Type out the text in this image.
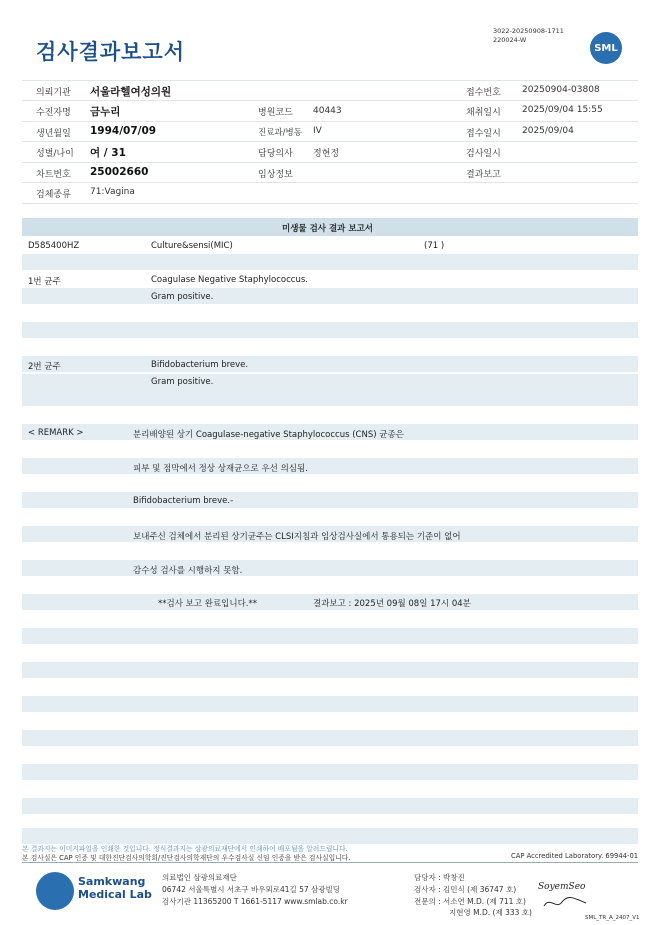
검사결과보고서
3022-20250908-1711
220024-W
SML
의뢰기관 서울라헬여성의원
수진자명 금누리
생년월일 1994/07/09
성별/나이 여 / 31
차트번호 25002660
검체종류 71:Vagina
병원코드 40443
진료과/병동 IV
담당의사 정현정
임상정보
접수번호 20250904-03808
채취일시 2025/09/04 15:55
접수일시 2025/09/04
검사일시
결과보고
미생물 검사 결과 보고서
D585400HZ	Culture&sensi(MIC)	(71 )
1번 균주	Coagulase Negative Staphylococcus.
Gram positive.
2번 균주	Bifidobacterium breve.
Gram positive.
< REMARK >	분리배양된 상기 Coagulase-negative Staphylococcus (CNS) 균종은
피부 및 점막에서 정상 상재균으로 우선 의심됨.
Bifidobacterium breve.-
보내주신 검체에서 분리된 상기균주는 CLSI지침과 임상검사실에서 통용되는 기준이 없어
감수성 검사를 시행하지 못함.
**검사 보고 완료입니다.**	결과보고 : 2025년 09월 08일 17시 04분
본 결과지는 이미지파일을 인쇄한 것입니다. 정식결과지는 삼광의료재단에서 인쇄하여 배포됨을 알려드립니다.
본 검사실은 CAP 인증 및 대한진단검사의학회/진단검사의학재단의 우수검사실 신임 인증을 받은 검사실입니다.	CAP Accredited Laboratory. 69944-01
Samkwang
Medical Lab
의료법인 삼광의료재단
06742 서울특별시 서초구 바우뫼로41길 57 삼광빌딩
검사기관 11365200 T 1661-5117 www.smlab.co.kr
담당자 : 박창진
검사자 : 김민식 (제 36747 호)
전문의 : 서소연 M.D. (제 711 호)
지현영 M.D. (제 333 호)
SoyemSeo
SML_TR_A_2407_V1
